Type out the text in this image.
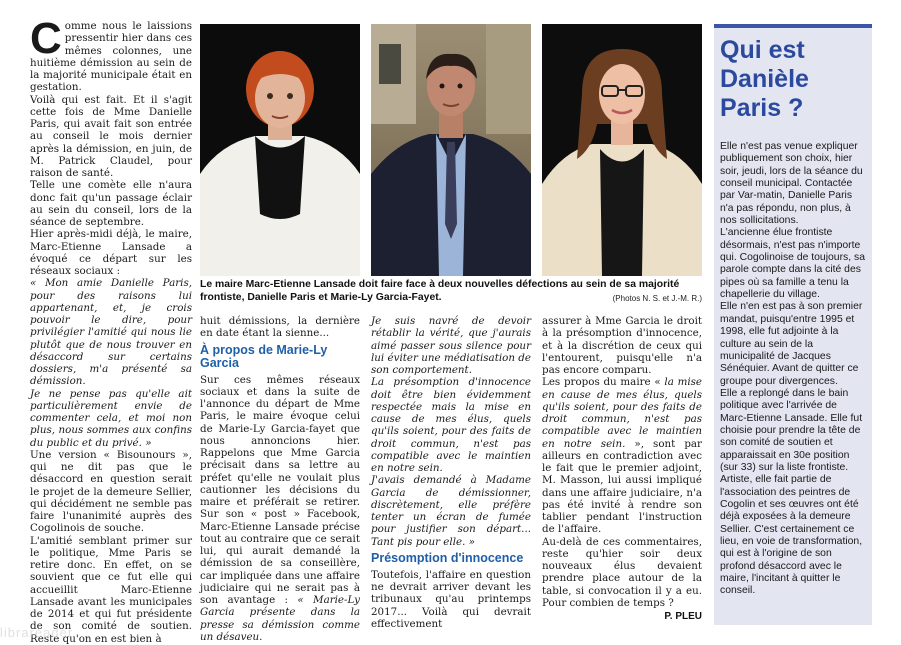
C omme nous le laissions pressentir hier dans ces mêmes colonnes, une huitième démission au sein de la majorité municipale était en gestation.

Voilà qui est fait. Et il s'agit cette fois de Mme Danielle Paris, qui avait fait son entrée au conseil le mois dernier après la démission, en juin, de M. Patrick Claudel, pour raison de santé.

Telle une comète elle n'aura donc fait qu'un passage éclair au sein du conseil, lors de la séance de septembre.

Hier après-midi déjà, le maire, Marc-Etienne Lansade a évoqué ce départ sur les réseaux sociaux :

« Mon amie Danielle Paris, pour des raisons lui appartenant, et, je crois pouvoir le dire, pour privilégier l'amitié qui nous lie plutôt que de nous trouver en désaccord sur certains dossiers, m'a présenté sa démission.

Je ne pense pas qu'elle ait particulièrement envie de commenter cela, et moi non plus, nous sommes aux confins du public et du privé. »

Une version « Bisounours », qui ne dit pas que le désaccord en question serait le projet de la demeure Sellier, qui décidément ne semble pas faire l'unanimité auprès des Cogolinois de souche.

L'amitié semblant primer sur le politique, Mme Paris se retire donc. En effet, on se souvient que ce fut elle qui accueillit Marc-Etienne Lansade avant les municipales de 2014 et qui fut présidente de son comité de soutien. Reste qu'on en est bien à

Le maire Marc-Etienne Lansade doit faire face à deux nouvelles défections au sein de sa majorité frontiste, Danielle Paris et Marie-Ly Garcia-Fayet.	(Photos N. S. et J.-M. R.)

huit démissions, la dernière en date étant la sienne...

À propos de Marie-Ly Garcia

Sur ces mêmes réseaux sociaux et dans la suite de l'annonce du départ de Mme Paris, le maire évoque celui de Marie-Ly Garcia-fayet que nous annoncions hier. Rappelons que Mme Garcia précisait dans sa lettre au préfet qu'elle ne voulait plus cautionner les décisions du maire et préférait se retirer. Sur son « post » Facebook, Marc-Etienne Lansade précise tout au contraire que ce serait lui, qui aurait demandé la démission de sa conseillère, car impliquée dans une affaire judiciaire qui ne serait pas à son avantage : « Marie-Ly Garcia présente dans la presse sa démission comme un désaveu.

Je suis navré de devoir rétablir la vérité, que j'aurais aimé passer sous silence pour lui éviter une médiatisation de son comportement.

La présomption d'innocence doit être bien évidemment respectée mais la mise en cause de mes élus, quels qu'ils soient, pour des faits de droit commun, n'est pas compatible avec le maintien en notre sein.

J'avais demandé à Madame Garcia de démissionner, discrètement, elle préfère tenter un écran de fumée pour justifier son départ... Tant pis pour elle. »

Présomption d'innocence

Toutefois, l'affaire en question ne devrait arriver devant les tribunaux qu'au printemps 2017... Voilà qui devrait effectivement

assurer à Mme Garcia le droit à la présomption d'innocence, et à la discrétion de ceux qui l'entourent, puisqu'elle n'a pas encore comparu.

Les propos du maire « la mise en cause de mes élus, quels qu'ils soient, pour des faits de droit commun, n'est pas compatible avec le maintien en notre sein. », sont par ailleurs en contradiction avec le fait que le premier adjoint, M. Masson, lui aussi impliqué dans une affaire judiciaire, n'a pas été invité à rendre son tablier pendant l'instruction de l'affaire.

Au-delà de ces commentaires, reste qu'hier soir deux nouveaux élus devaient prendre place autour de la table, si convocation il y a eu. Pour combien de temps ?

P. PLEU
Qui est Danièle Paris ?

Elle n'est pas venue expliquer publiquement son choix, hier soir, jeudi, lors de la séance du conseil municipal. Contactée par Var-matin, Danielle Paris n'a pas répondu, non plus, à nos sollicitations.

L'ancienne élue frontiste désormais, n'est pas n'importe qui. Cogolinoise de toujours, sa parole compte dans la cité des pipes où sa famille a tenu la chapellerie du village.

Elle n'en est pas à son premier mandat, puisqu'entre 1995 et 1998, elle fut adjointe à la culture au sein de la municipalité de Jacques Sénéquier. Avant de quitter ce groupe pour divergences.

Elle a replongé dans le bain politique avec l'arrivée de Marc-Etienne Lansade. Elle fut choisie pour prendre la tête de son comité de soutien et apparaissait en 30e position (sur 33) sur la liste frontiste.

Artiste, elle fait partie de l'association des peintres de Cogolin et ses œuvres ont été déjà exposées à la demeure Sellier. C'est certainement ce lieu, en voie de transformation, qui est à l'origine de son profond désaccord avec le maire, l'incitant à quitter le conseil.

librareader
